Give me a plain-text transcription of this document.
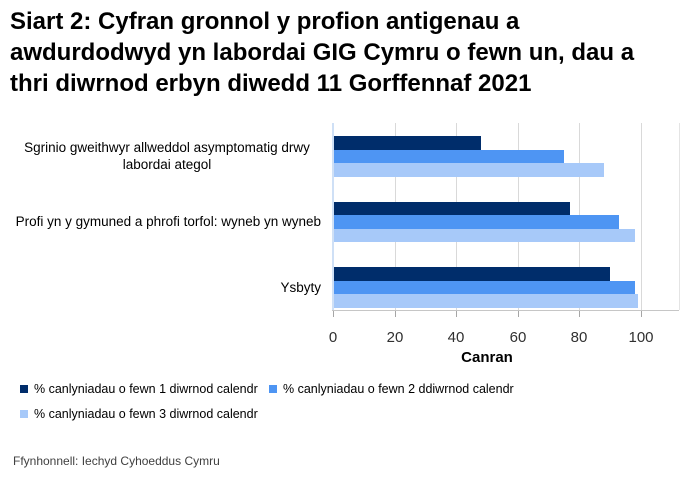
Siart 2: Cyfran gronnol y profion antigenau a
awdurdodwyd yn labordai GIG Cymru o fewn un, dau a
thri diwrnod erbyn diwedd 11 Gorffennaf 2021
Sgrinio gweithwyr allweddol asymptomatig drwy labordai ategol
Profi yn y gymuned a phrofi torfol: wyneb yn wyneb
Ysbyty
0	20	40	60	80	100
Canran
% canlyniadau o fewn 1 diwrnod calendr % canlyniadau o fewn 2 ddiwrnod calendr
% canlyniadau o fewn 3 diwrnod calendr
Ffynhonnell: Iechyd Cyhoeddus Cymru
